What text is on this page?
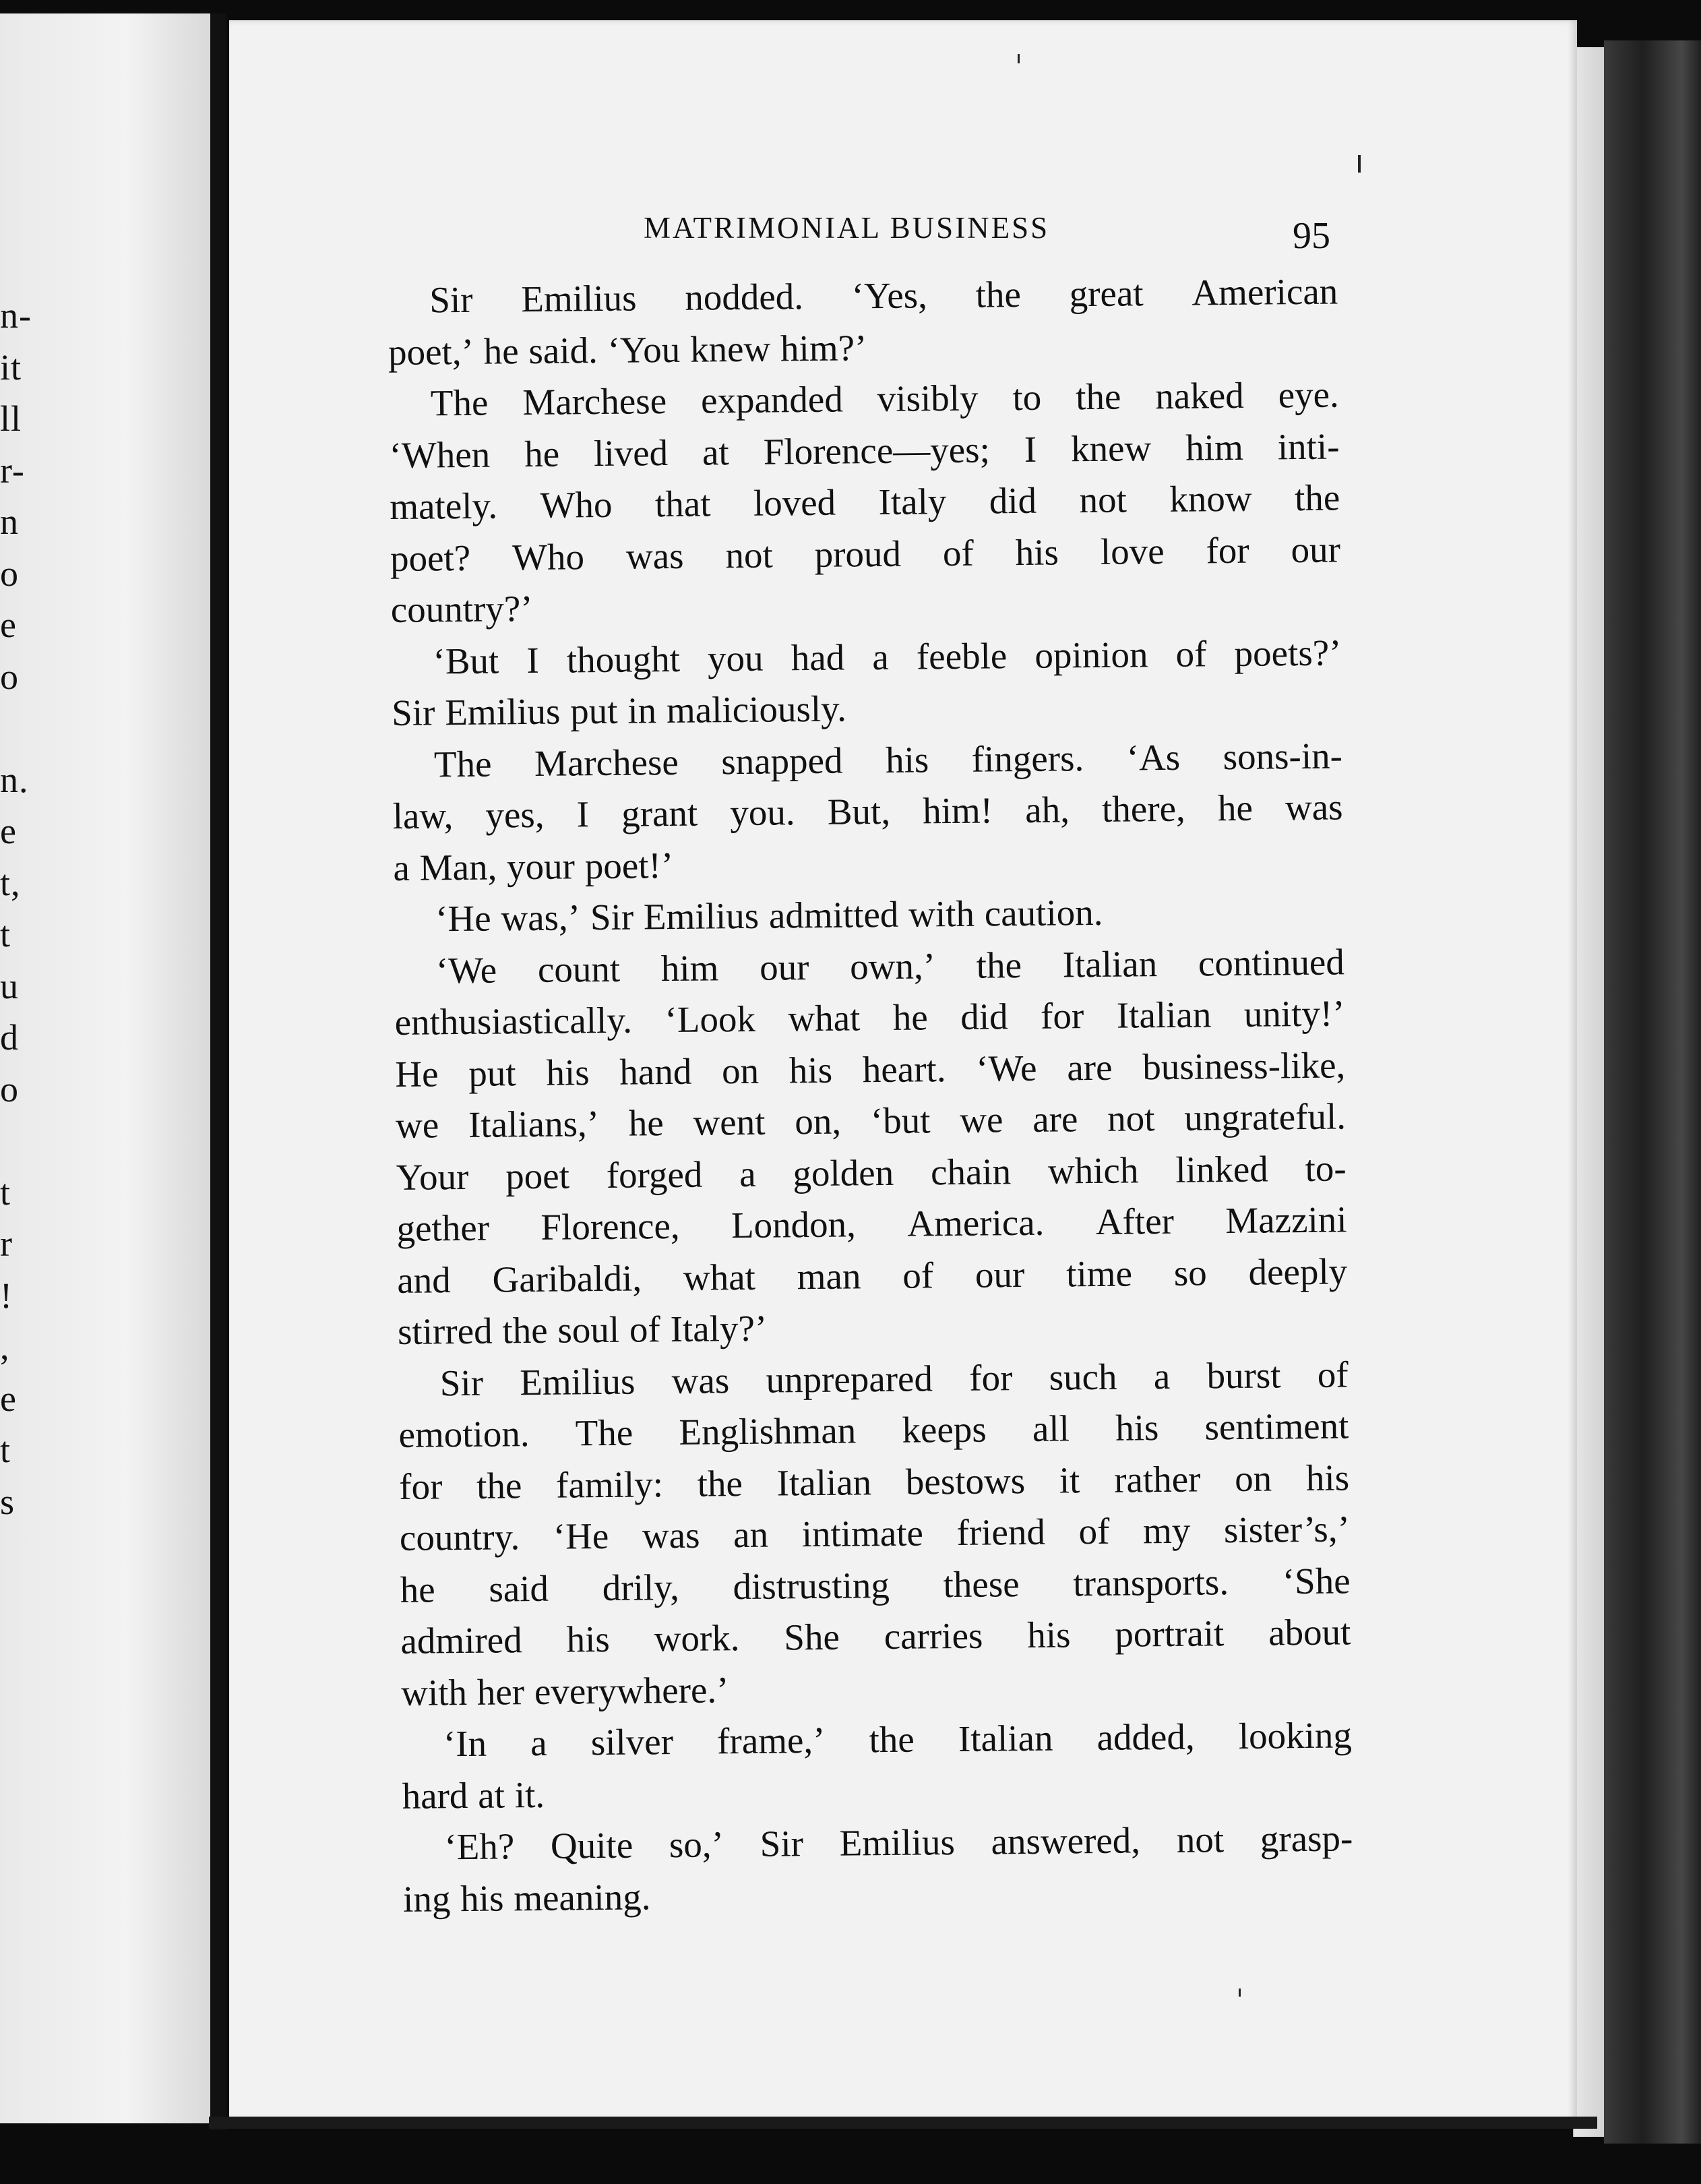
n-
it
ll
r-
n
o
e
o
n.
e
t,
t
u
d
o
t
r
!
,
e
t
s
MATRIMONIAL BUSINESS	95
Sir Emilius nodded. ‘Yes, the great American
poet,’ he said. ‘You knew him?’
The Marchese expanded visibly to the naked eye.
‘When he lived at Florence—yes; I knew him inti-
mately. Who that loved Italy did not know the
poet? Who was not proud of his love for our
country?’
‘But I thought you had a feeble opinion of poets?’
Sir Emilius put in maliciously.
The Marchese snapped his fingers. ‘As sons-in-
law, yes, I grant you. But, him! ah, there, he was
a Man, your poet!’
‘He was,’ Sir Emilius admitted with caution.
‘We count him our own,’ the Italian continued
enthusiastically. ‘Look what he did for Italian unity!’
He put his hand on his heart. ‘We are business-like,
we Italians,’ he went on, ‘but we are not ungrateful.
Your poet forged a golden chain which linked to-
gether Florence, London, America. After Mazzini
and Garibaldi, what man of our time so deeply
stirred the soul of Italy?’
Sir Emilius was unprepared for such a burst of
emotion. The Englishman keeps all his sentiment
for the family: the Italian bestows it rather on his
country. ‘He was an intimate friend of my sister’s,’
he said drily, distrusting these transports. ‘She
admired his work. She carries his portrait about
with her everywhere.’
‘In a silver frame,’ the Italian added, looking
hard at it.
‘Eh? Quite so,’ Sir Emilius answered, not grasp-
ing his meaning.
